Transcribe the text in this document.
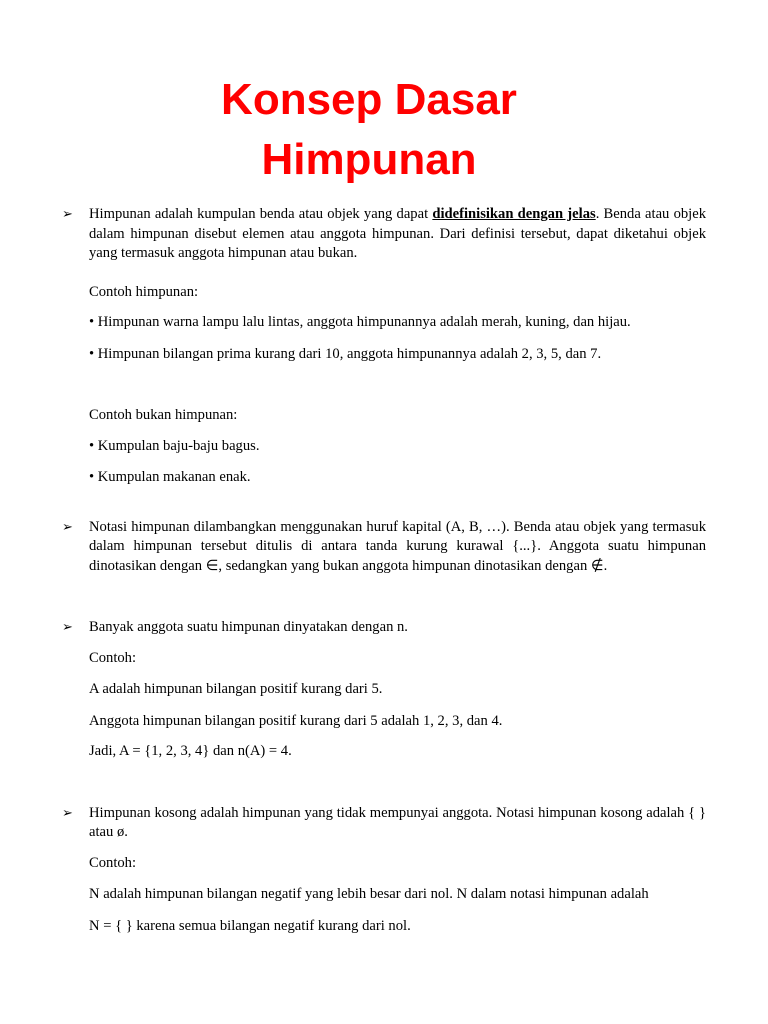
Konsep Dasar
Himpunan
➢ Himpunan adalah kumpulan benda atau objek yang dapat didefinisikan dengan jelas. Benda atau objek dalam himpunan disebut elemen atau anggota himpunan. Dari definisi tersebut, dapat diketahui objek yang termasuk anggota himpunan atau bukan.
Contoh himpunan:
• Himpunan warna lampu lalu lintas, anggota himpunannya adalah merah, kuning, dan hijau.
• Himpunan bilangan prima kurang dari 10, anggota himpunannya adalah 2, 3, 5, dan 7.
Contoh bukan himpunan:
• Kumpulan baju-baju bagus.
• Kumpulan makanan enak.
➢ Notasi himpunan dilambangkan menggunakan huruf kapital (A, B, …). Benda atau objek yang termasuk dalam himpunan tersebut ditulis di antara tanda kurung kurawal {...}. Anggota suatu himpunan dinotasikan dengan ∈, sedangkan yang bukan anggota himpunan dinotasikan dengan ∉.
➢ Banyak anggota suatu himpunan dinyatakan dengan n.
Contoh:
A adalah himpunan bilangan positif kurang dari 5.
Anggota himpunan bilangan positif kurang dari 5 adalah 1, 2, 3, dan 4.
Jadi, A = {1, 2, 3, 4} dan n(A) = 4.
➢ Himpunan kosong adalah himpunan yang tidak mempunyai anggota. Notasi himpunan kosong adalah { } atau ø.
Contoh:
N adalah himpunan bilangan negatif yang lebih besar dari nol. N dalam notasi himpunan adalah
N = { } karena semua bilangan negatif kurang dari nol.
